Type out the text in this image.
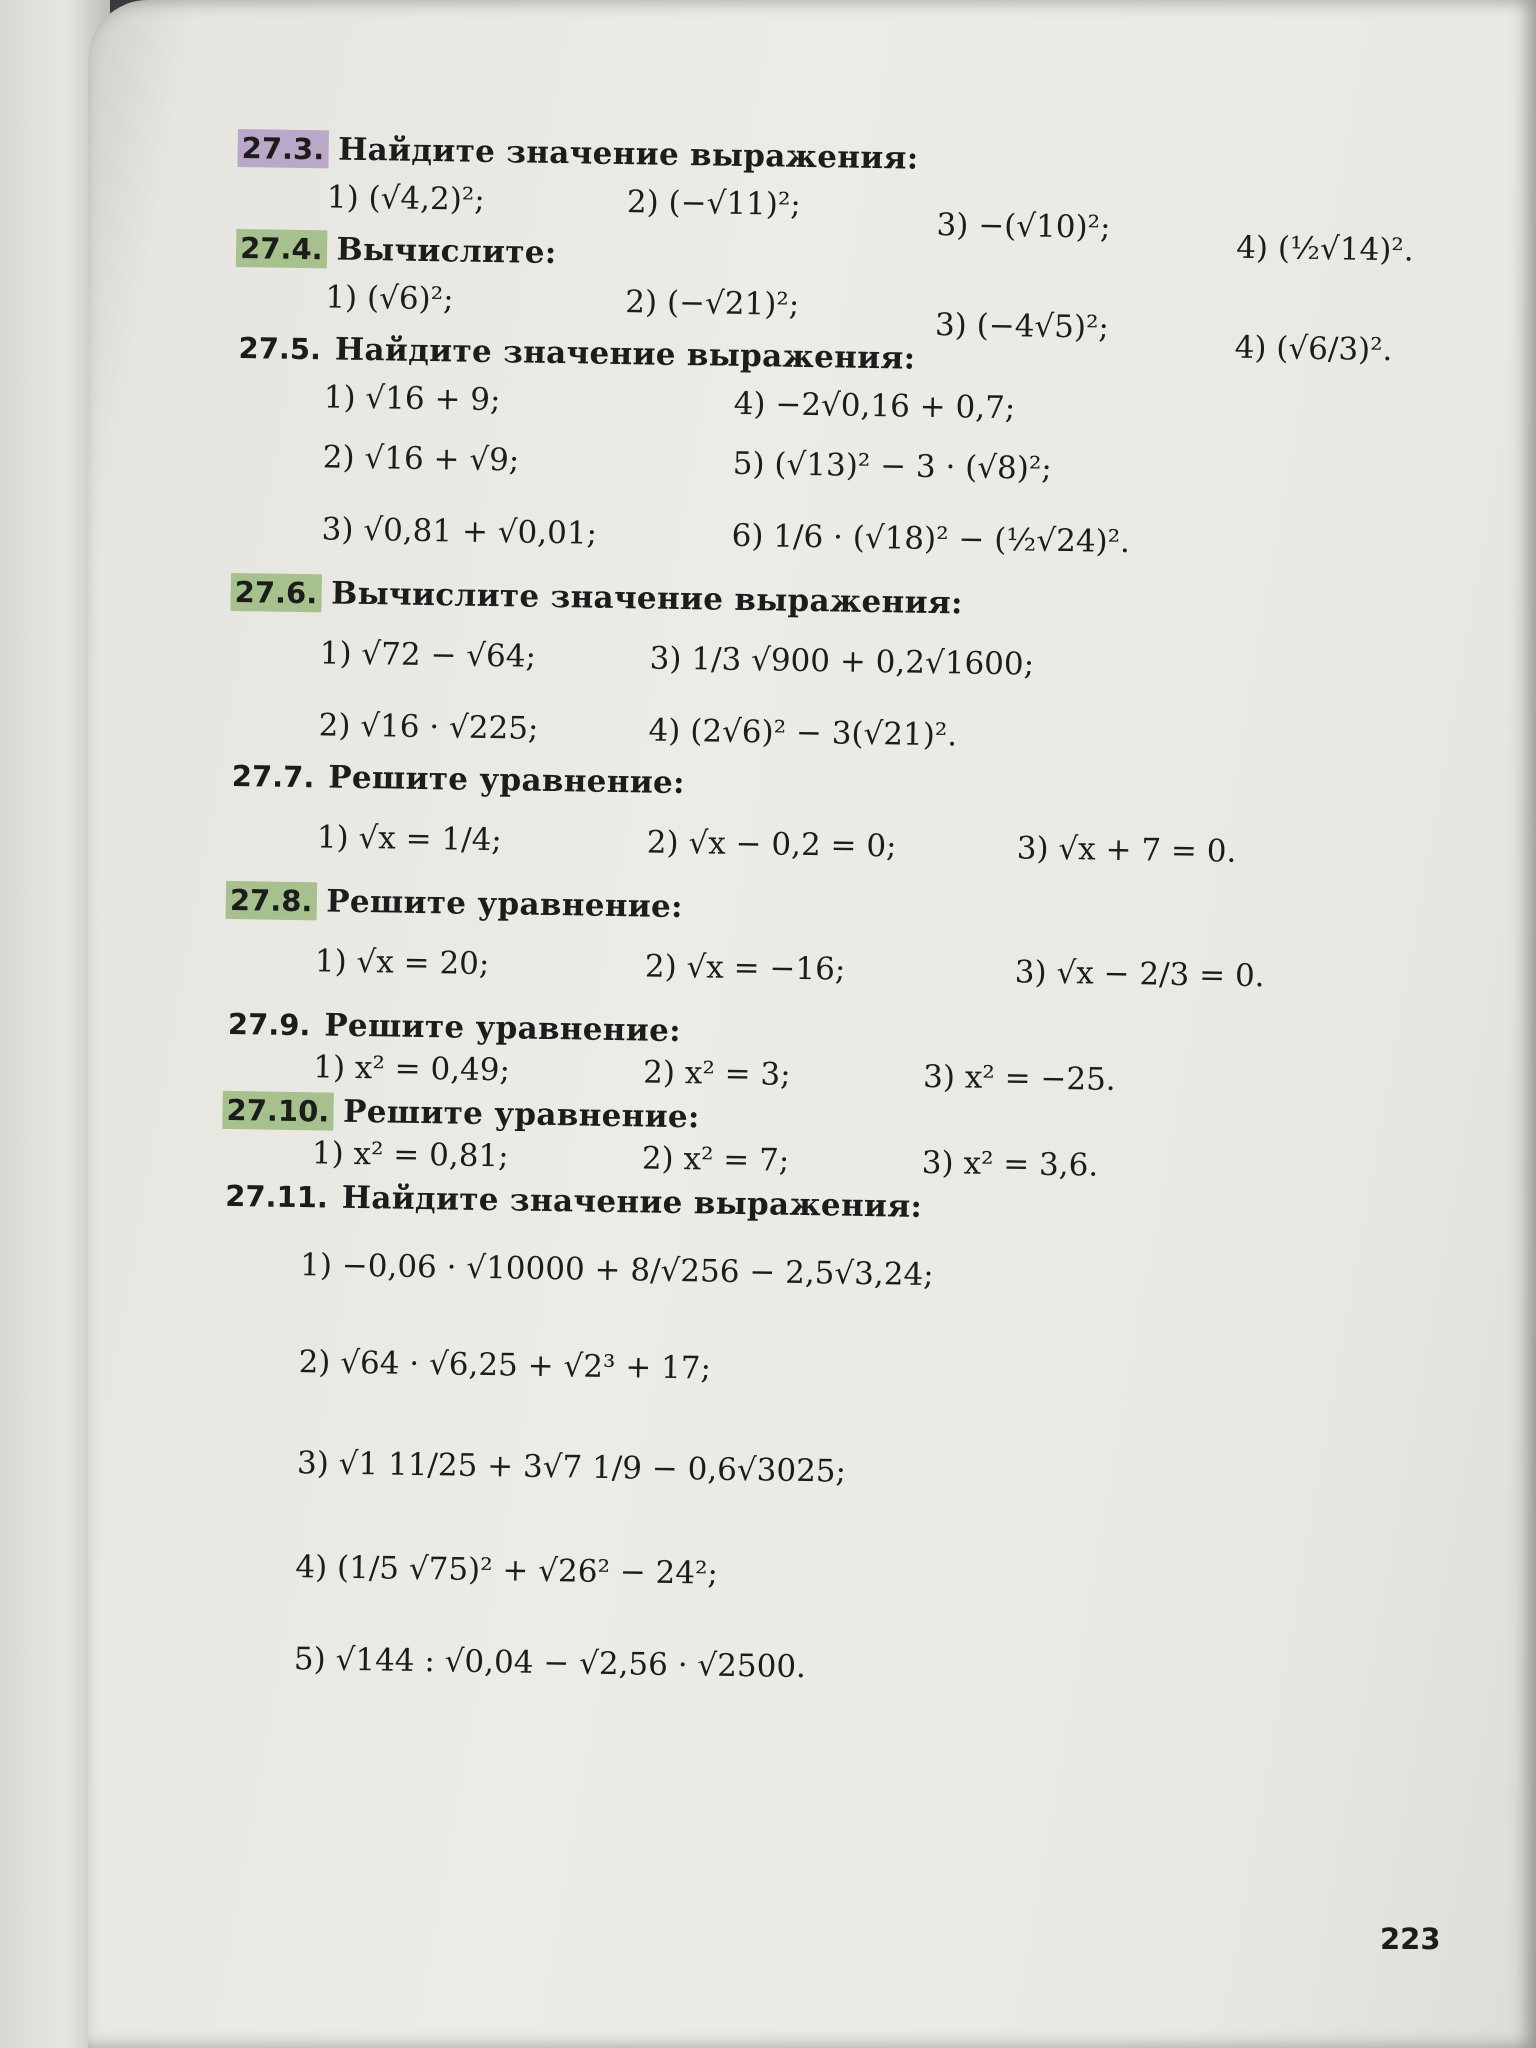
27.3. Найдите значение выражения:
1) (√4,2)²;	2) (−√11)²;
3) −(√10)²;
4) (½√14)².
27.4. Вычислите:
1) (√6)²;	2) (−√21)²;
3) (−4√5)²;
4) (√6/3)².
27.5. Найдите значение выражения:
1) √16 + 9;	4) −2√0,16 + 0,7;
2) √16 + √9;	5) (√13)² − 3 · (√8)²;
3) √0,81 + √0,01;	6) 1/6 · (√18)² − (½√24)².
27.6. Вычислите значение выражения:
1) √72 − √64;	3) 1/3 √900 + 0,2√1600;
2) √16 · √225;	4) (2√6)² − 3(√21)².
27.7. Решите уравнение:
1) √x = 1/4;	2) √x − 0,2 = 0;	3) √x + 7 = 0.
27.8. Решите уравнение:
1) √x = 20;	2) √x = −16;	3) √x − 2/3 = 0.
27.9. Решите уравнение:
1) x² = 0,49;	2) x² = 3;	3) x² = −25.
27.10. Решите уравнение:
1) x² = 0,81;	2) x² = 7;	3) x² = 3,6.
27.11. Найдите значение выражения:
1) −0,06 · √10000 + 8/√256 − 2,5√3,24;
2) √64 · √6,25 + √2³ + 17;
3) √1 11/25 + 3√7 1/9 − 0,6√3025;
4) (1/5 √75)² + √26² − 24²;
5) √144 : √0,04 − √2,56 · √2500.
223
